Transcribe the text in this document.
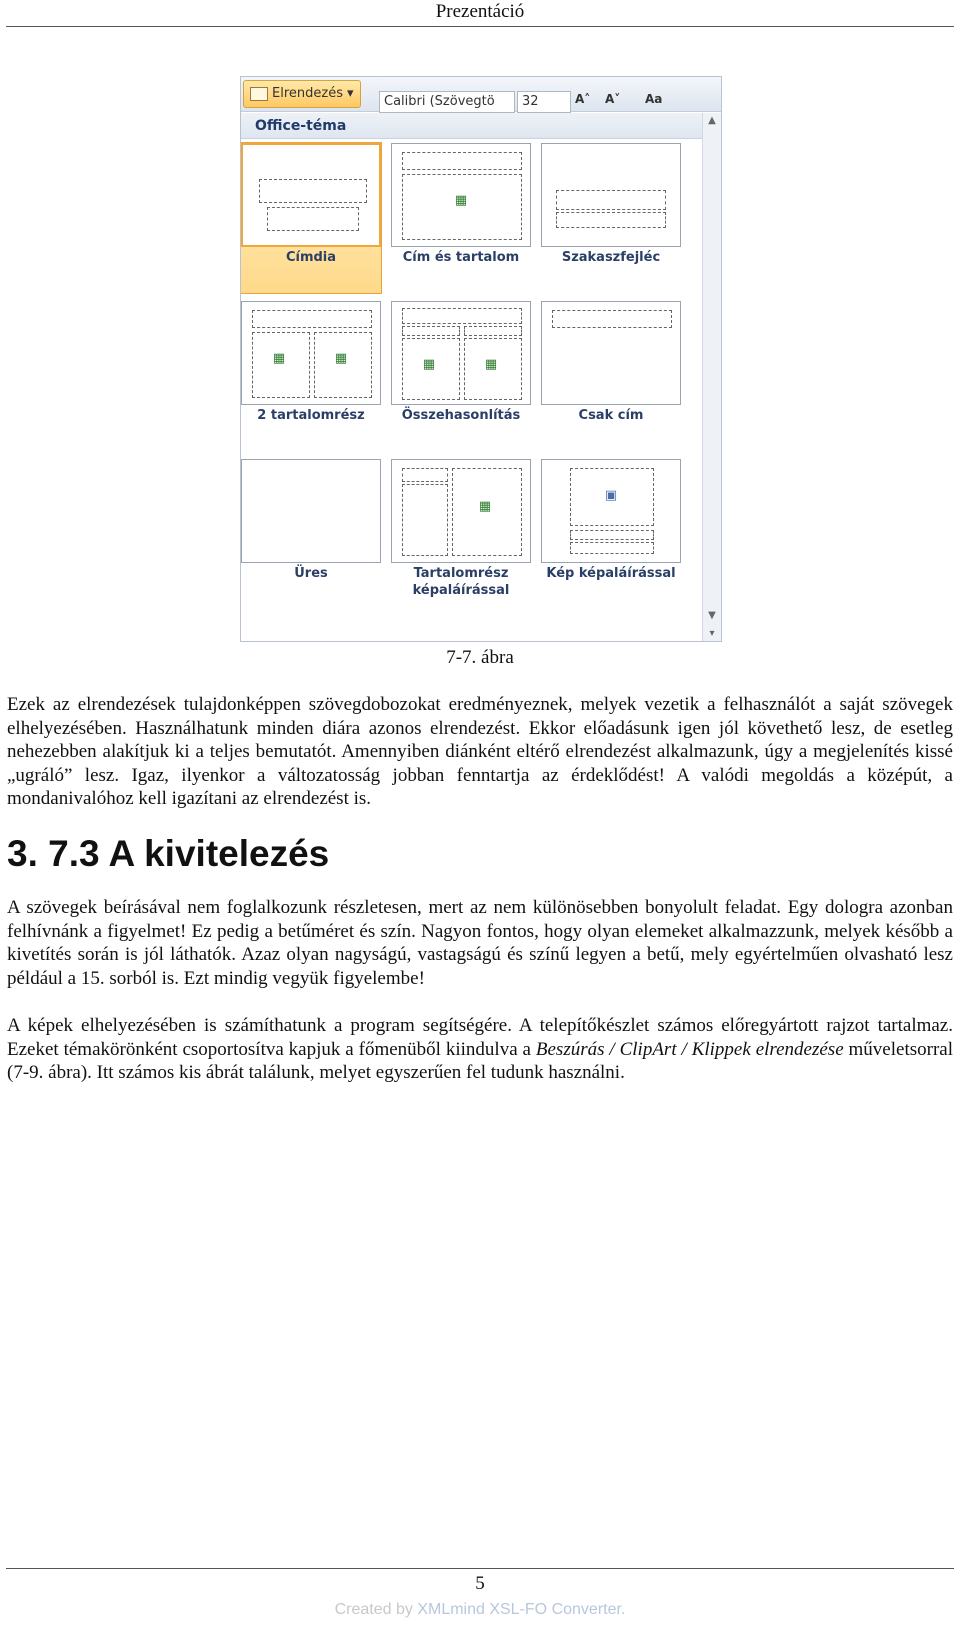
Prezentáció
Elrendezés ▾
Calibri (Szövegtö	32	A˄ A˅ Aa
Office-téma	▲
▼
▾
Címdia
▦
Cím és tartalom	Szakaszfejléc
▦	▦
2 tartalomrész
▦	▦
Összehasonlítás	Csak cím
Üres
▦
Tartalomrész képaláírással
▣
Kép képaláírással
7-7. ábra

Ezek az elrendezések tulajdonképpen szövegdobozokat eredményeznek, melyek vezetik a felhasználót a saját szövegek elhelyezésében. Használhatunk minden diára azonos elrendezést. Ekkor előadásunk igen jól követhető lesz, de esetleg nehezebben alakítjuk ki a teljes bemutatót. Amennyiben diánként eltérő elrendezést alkalmazunk, úgy a megjelenítés kissé „ugráló” lesz. Igaz, ilyenkor a változatosság jobban fenntartja az érdeklődést! A valódi megoldás a középút, a mondanivalóhoz kell igazítani az elrendezést is.

3. 7.3 A kivitelezés

A szövegek beírásával nem foglalkozunk részletesen, mert az nem különösebben bonyolult feladat. Egy dologra azonban felhívnánk a figyelmet! Ez pedig a betűméret és szín. Nagyon fontos, hogy olyan elemeket alkalmazzunk, melyek később a kivetítés során is jól láthatók. Azaz olyan nagyságú, vastagságú és színű legyen a betű, mely egyértelműen olvasható lesz például a 15. sorból is. Ezt mindig vegyük figyelembe!

A képek elhelyezésében is számíthatunk a program segítségére. A telepítőkészlet számos előregyártott rajzot tartalmaz. Ezeket témakörönként csoportosítva kapjuk a főmenüből kiindulva a Beszúrás / ClipArt / Klippek elrendezése műveletsorral (7-9. ábra). Itt számos kis ábrát találunk, melyet egyszerűen fel tudunk használni.

5
Created by XMLmind XSL-FO Converter.
